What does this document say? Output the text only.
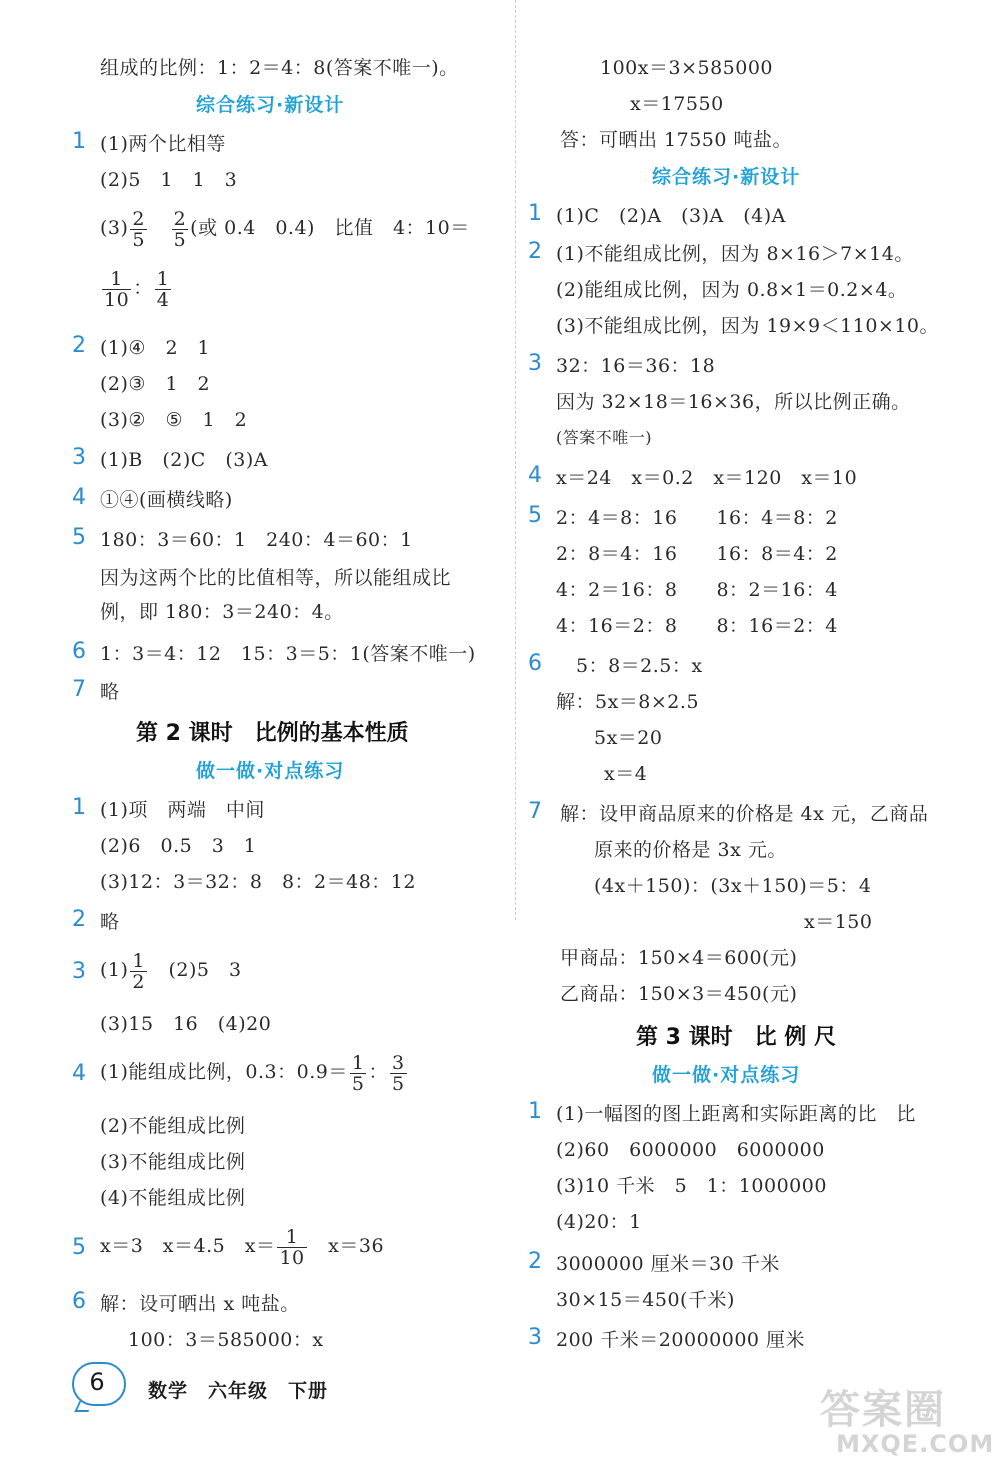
组成的比例：1：2＝4：8(答案不唯一)。
综合练习·新设计
1 (1)两个比相等
(2)5　1　1　3
$(3) \frac{2}{5}$
$\frac{2}{5}$ (或 0.4　0.4)　比值　4：10＝
$\frac{1}{10}$ ： $\frac{1}{4}$
2 (1)④　2　1
(2)③　1　2
(3)②　⑤　1　2
3 (1)B　(2)C　(3)A
4 ①④(画横线略)
5 180：3＝60：1　240：4＝60：1
因为这两个比的比值相等，所以能组成比
例，即 180：3＝240：4。
6 1：3＝4：12　15：3＝5：1(答案不唯一)
7 略
第 2 课时　比例的基本性质
做一做·对点练习
1 (1)项　两端　中间
(2)6　0.5　3　1
(3)12：3＝32：8　8：2＝48：12
2 略
3 $(1) \frac{1}{2}$ 　(2)5　3
(3)15　16　(4)20
4 (1)能组成比例，0.3：$0.9= \frac{1}{5}$ ： $\frac{3}{5}$
(2)不能组成比例
(3)不能组成比例
(4)不能组成比例
5 x＝3　x＝4.5　$x= \frac{1}{10}$ 　x＝36
6 解：设可晒出 x 吨盐。
100：3＝585000：x
100x＝3×585000
x＝17550
答：可晒出 17550 吨盐。
综合练习·新设计
1 (1)C　(2)A　(3)A　(4)A
2 (1)不能组成比例，因为 8×16＞7×14。
(2)能组成比例，因为 0.8×1＝0.2×4。
(3)不能组成比例，因为 19×9＜110×10。
3 32：16＝36：18
因为 32×18＝16×36，所以比例正确。
(答案不唯一)
4 x＝24　x＝0.2　x＝120　x＝10
5 2：4＝8：16　　16：4＝8：2
2：8＝4：16　　16：8＝4：2
4：2＝16：8　　8：2＝16：4
4：16＝2：8　　8：16＝2：4
6 5：8＝2.5：x
解：5x＝8×2.5
5x＝20
x＝4
7 解：设甲商品原来的价格是 4x 元，乙商品
原来的价格是 3x 元。
(4x＋150)：(3x＋150)＝5：4
x＝150
甲商品：150×4＝600(元)
乙商品：150×3＝450(元)
第 3 课时　比 例 尺
做一做·对点练习
1 (1)一幅图的图上距离和实际距离的比　比
(2)60　6000000　6000000
(3)10 千米　5　1：1000000
(4)20：1
2 3000000 厘米＝30 千米
30×15＝450(千米)
3 200 千米＝20000000 厘米
6	数学　六年级　下册	答案圈
MXQE.COM
